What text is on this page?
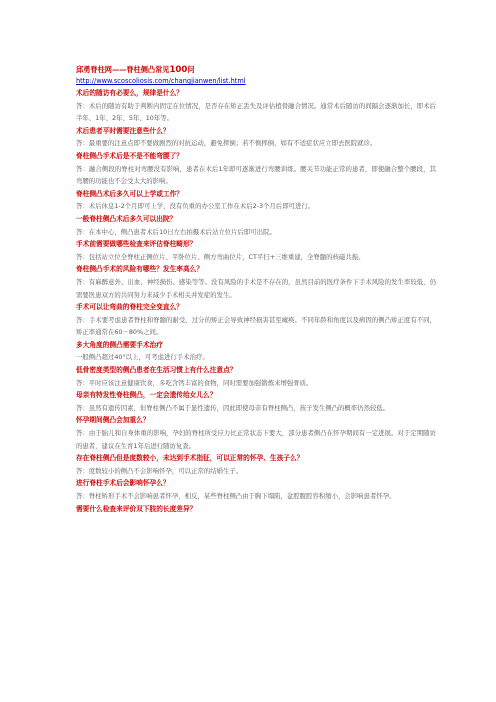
邱勇脊柱网——脊柱侧凸常见100问
http://www.scoscoliosis.com/changjianwen/list.html
术后的随访有必要么，规律是什么？
答：术后的随访有助于判断内固定在位情况，是否存在矫正丢失及评估植骨融合情况。通常术后随访的间隔会逐渐加长，即术后半年、1年、2年、5年、10年等。
术后患者平时需要注意些什么？
答：最重要的注意点即不要做剧烈的对抗运动，避免摔倒；若不慎摔倒，如有不适症状应立即去医院就诊。
脊柱侧凸手术后是不是不能弯腰了？
答：融合侧段的脊柱对弯腰没有影响，患者在术后1年即可逐渐进行弯腰训练。腰关节功能正常的患者，即使融合整个腰段，其弯腰的功能也不会受太大的影响。
脊柱侧凸术后多久可以上学或工作？
答：术后休息1-2个月即可上学，没有负重的办公室工作在术后2-3个月后即可进行。
一般脊柱侧凸术后多久可以出院？
答：在本中心，侧凸患者术后10日左右拍摄术后站立位片后即可出院。
手术前需要做哪些检查来评估脊柱畸形？
答：包括站立位全脊柱正侧位片、平卧位片、侧方弯曲位片，CT平扫+三维重建，全脊髓的核磁共振。
脊柱侧凸手术的风险有哪些？发生率高么？
答：有麻醉意外、出血、神经损伤、感染等等。没有风险的手术是不存在的，虽然目前的医疗条件下手术风险的发生率较低，仍需要医患双方的共同努力来减少手术相关并发症的发生。
手术可以让弯曲的脊柱完全变直么？
答：手术要考虑患者脊柱和脊髓的耐受，过分的矫正会导致神经损害甚至瘫痪。不同年龄和角度以及病因的侧凸矫正度有不同，矫正率通常在60－80%之间。
多大角度的侧凸需要手术治疗
一般侧凸超过40°以上，可考虑进行手术治疗。
低骨密度类型的侧凸患者在生活习惯上有什么注意点？
答：平时应该注意健康饮食，多吃含钙丰富的食物，同时需要加强锻炼来增强骨质。
母亲有特发性脊柱侧凸，一定会遗传给女儿么？
答：虽然有遗传因素，但脊柱侧凸不属于显性遗传，因此即使母亲有脊柱侧凸，孩子发生侧凸的概率仍然较低。
怀孕期间侧凸会加重么？
答：由于胎儿和自身体重的影响，孕妇的脊柱所受应力比正常状态下要大，部分患者侧凸在怀孕期间有一定进展。对于定期随访的患者，建议在生育1年后进行随访复查。
存在脊柱侧凸但是度数较小，未达到手术指征，可以正常的怀孕、生孩子么？
答：度数较小的侧凸不会影响怀孕，可以正常的结婚生子。
进行脊柱手术后会影响怀孕么？
答：脊柱矫形手术不会影响患者怀孕，相反，某些脊柱侧凸由于胸下塌陷，盆腔腹腔容积缩小，会影响患者怀孕。
需要什么检查来评价双下肢的长度差异？
